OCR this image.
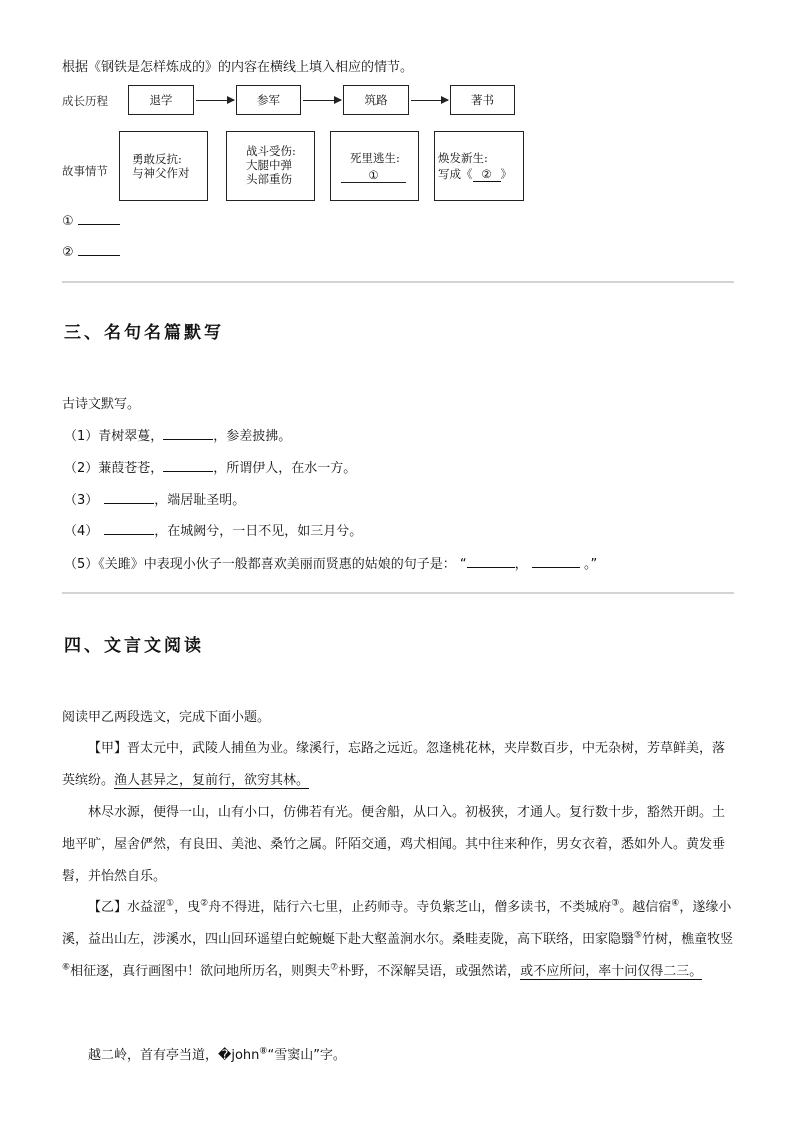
根据《钢铁是怎样炼成的》的内容在横线上填入相应的情节。
成长历程
故事情节
退学	参军	筑路	著书
勇敢反抗:
与神父作对
战斗受伤:
大腿中弹
头部重伤
死里逃生:
①
焕发新生:
写成《 ② 》
①
②
三、名句名篇默写
古诗文默写。
（1）青树翠蔓，	，参差披拂。
（2）蒹葭苍苍，	，所谓伊人，在水一方。
（3）	，端居耻圣明。
（4）	，在城阙兮，一日不见，如三月兮。
（5）《关雎》中表现小伙子一般都喜欢美丽而贤惠的姑娘的句子是： “	，	。”
四、文言文阅读
阅读甲乙两段选文，完成下面小题。
【甲】晋太元中，武陵人捕鱼为业。缘溪行，忘路之远近。忽逢桃花林，夹岸数百步，中无杂树，芳草鲜美，落英缤纷。渔人甚异之，复前行，欲穷其林。
林尽水源，便得一山，山有小口，仿佛若有光。便舍船，从口入。初极狭，才通人。复行数十步，豁然开朗。土地平旷，屋舍俨然，有良田、美池、桑竹之属。阡陌交通，鸡犬相闻。其中往来种作，男女衣着，悉如外人。黄发垂髫，并怡然自乐。
【乙】水益涩①，曳②舟不得进，陆行六七里，止药师寺。寺负紫芝山，僧多读书，不类城府③。越信宿④，遂缘小溪，益出山左，涉溪水，四山回环遥望白蛇蜿蜒下赴大壑盖涧水尔。桑畦麦陇，高下联络，田家隐翳⑤竹树，樵童牧竖⑥相征逐，真行画图中！欲问地所历名，则舆夫⑦朴野，不深解吴语，或强然诺，或不应所问，率十问仅得二三。
越二岭，首有亭当道，�john⑧“雪窦山”字。
